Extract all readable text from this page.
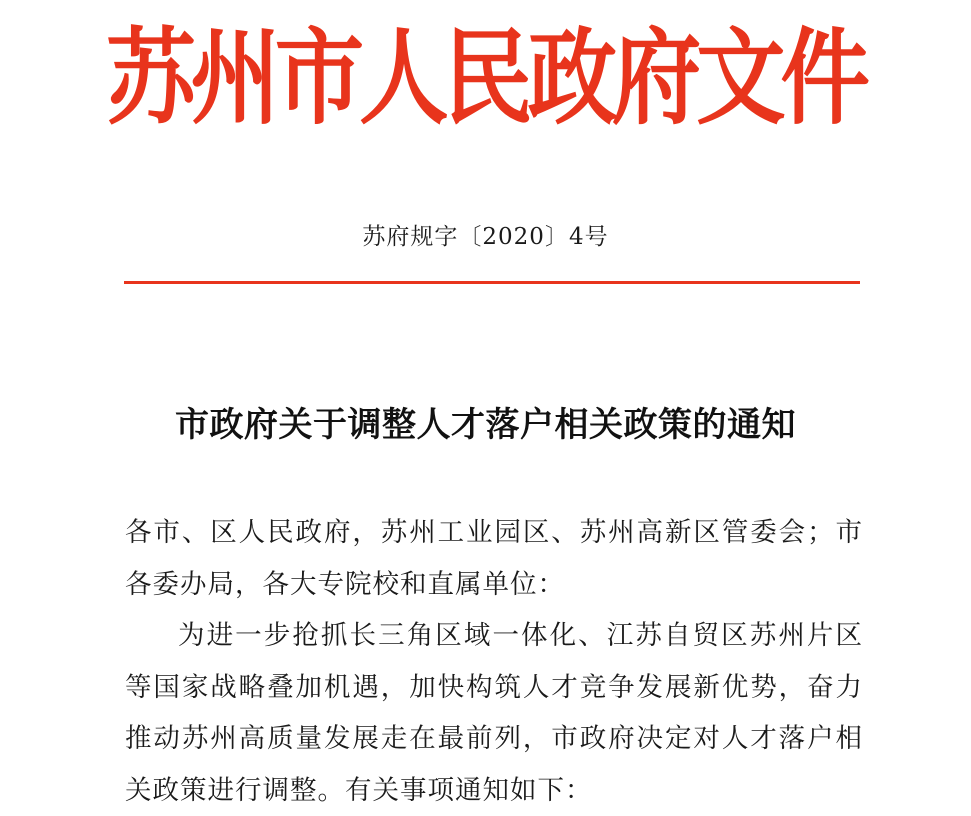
苏州市人民政府文件
苏府规字〔2020〕4号
市政府关于调整人才落户相关政策的通知

各市、区人民政府，苏州工业园区、苏州高新区管委会；市各委办局，各大专院校和直属单位：

为进一步抢抓长三角区域一体化、江苏自贸区苏州片区等国家战略叠加机遇，加快构筑人才竞争发展新优势，奋力推动苏州高质量发展走在最前列，市政府决定对人才落户相关政策进行调整。有关事项通知如下：
